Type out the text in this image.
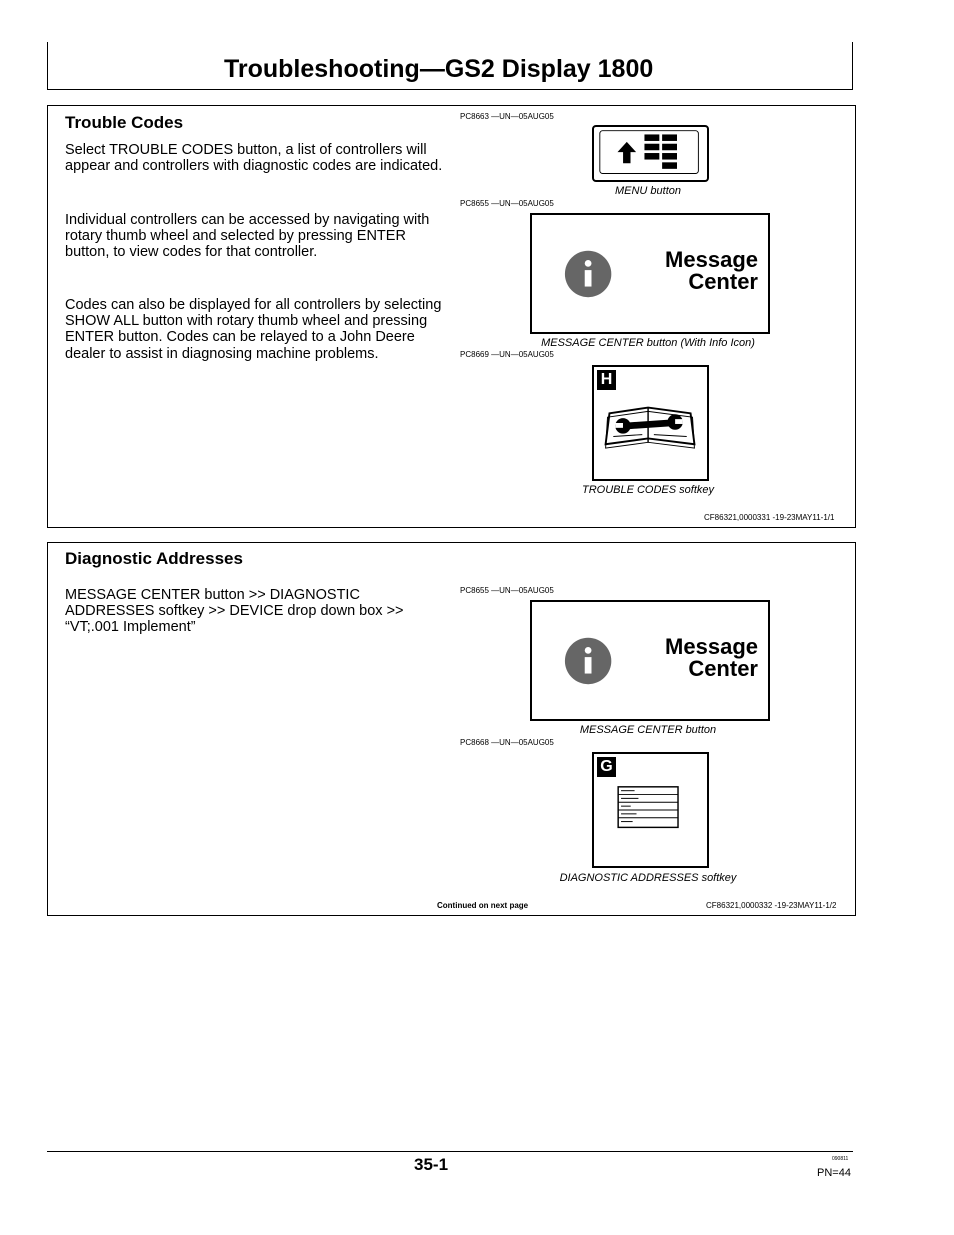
Troubleshooting—GS2 Display 1800
Trouble Codes
Select TROUBLE CODES button, a list of controllers will appear and controllers with diagnostic codes are indicated.
Individual controllers can be accessed by navigating with rotary thumb wheel and selected by pressing ENTER button, to view codes for that controller.
Codes can also be displayed for all controllers by selecting SHOW ALL button with rotary thumb wheel and pressing ENTER button. Codes can be relayed to a John Deere dealer to assist in diagnosing machine problems.
PC8663 —UN—05AUG05
MENU button
PC8655 —UN—05AUG05
Message
Center
MESSAGE CENTER button (With Info Icon)
PC8669 —UN—05AUG05
H
TROUBLE CODES softkey
CF86321,0000331 -19-23MAY11-1/1
Diagnostic Addresses
MESSAGE CENTER button >> DIAGNOSTIC ADDRESSES softkey >> DEVICE drop down box >> “VT;.001 Implement”
PC8655 —UN—05AUG05
Message
Center
MESSAGE CENTER button
PC8668 —UN—05AUG05
G
DIAGNOSTIC ADDRESSES softkey
Continued on next page	CF86321,0000332 -19-23MAY11-1/2
35-1	090811
PN=44
